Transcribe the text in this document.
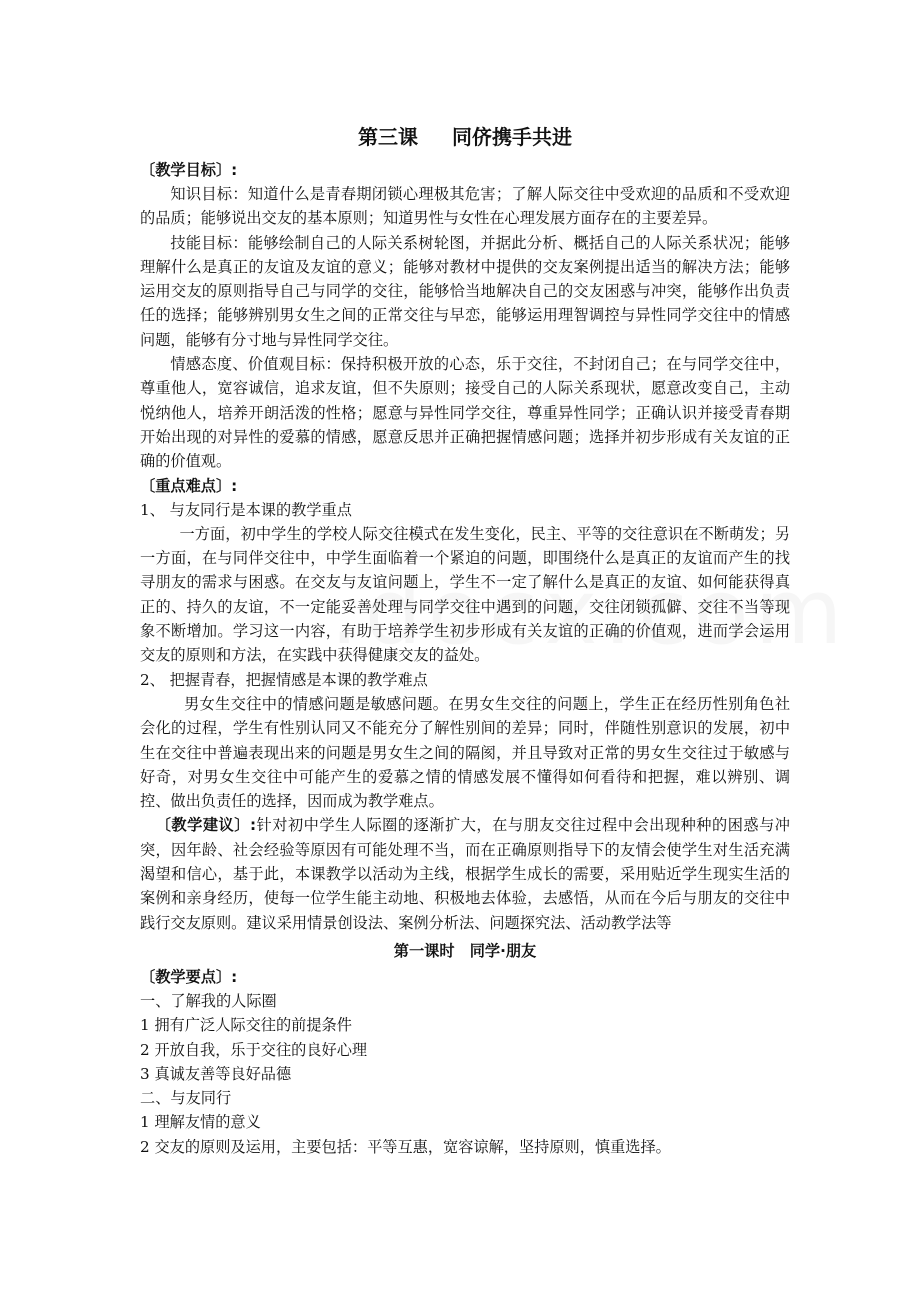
第三课 同侪携手共进
〔教学目标〕:

知识目标：知道什么是青春期闭锁心理极其危害；了解人际交往中受欢迎的品质和不受欢迎的品质；能够说出交友的基本原则；知道男性与女性在心理发展方面存在的主要差异。

技能目标：能够绘制自己的人际关系树轮图，并据此分析、概括自己的人际关系状况；能够理解什么是真正的友谊及友谊的意义；能够对教材中提供的交友案例提出适当的解决方法；能够运用交友的原则指导自己与同学的交往，能够恰当地解决自己的交友困惑与冲突，能够作出负责任的选择；能够辨别男女生之间的正常交往与早恋，能够运用理智调控与异性同学交往中的情感问题，能够有分寸地与异性同学交往。

情感态度、价值观目标：保持积极开放的心态，乐于交往，不封闭自己；在与同学交往中，尊重他人，宽容诚信，追求友谊，但不失原则；接受自己的人际关系现状，愿意改变自己，主动悦纳他人，培养开朗活泼的性格；愿意与异性同学交往，尊重异性同学；正确认识并接受青春期开始出现的对异性的爱慕的情感，愿意反思并正确把握情感问题；选择并初步形成有关友谊的正确的价值观。

〔重点难点〕:
1、 与友同行是本课的教学重点

一方面，初中学生的学校人际交往模式在发生变化，民主、平等的交往意识在不断萌发；另一方面，在与同伴交往中，中学生面临着一个紧迫的问题，即围绕什么是真正的友谊而产生的找寻朋友的需求与困惑。在交友与友谊问题上，学生不一定了解什么是真正的友谊、如何能获得真正的、持久的友谊，不一定能妥善处理与同学交往中遇到的问题，交往闭锁孤僻、交往不当等现象不断增加。学习这一内容，有助于培养学生初步形成有关友谊的正确的价值观，进而学会运用交友的原则和方法，在实践中获得健康交友的益处。

2、 把握青春，把握情感是本课的教学难点

男女生交往中的情感问题是敏感问题。在男女生交往的问题上，学生正在经历性别角色社会化的过程，学生有性别认同又不能充分了解性别间的差异；同时，伴随性别意识的发展，初中生在交往中普遍表现出来的问题是男女生之间的隔阂，并且导致对正常的男女生交往过于敏感与好奇，对男女生交往中可能产生的爱慕之情的情感发展不懂得如何看待和把握，难以辨别、调控、做出负责任的选择，因而成为教学难点。

 〔教学建议〕:针对初中学生人际圈的逐渐扩大，在与朋友交往过程中会出现种种的困惑与冲突，因年龄、社会经验等原因有可能处理不当，而在正确原则指导下的友情会使学生对生活充满渴望和信心，基于此，本课教学以活动为主线，根据学生成长的需要，采用贴近学生现实生活的案例和亲身经历，使每一位学生能主动地、积极地去体验，去感悟，从而在今后与朋友的交往中践行交友原则。建议采用情景创设法、案例分析法、问题探究法、活动教学法等

第一课时　同学·朋友
〔教学要点〕:
一、了解我的人际圈
1 拥有广泛人际交往的前提条件
2 开放自我，乐于交往的良好心理
3 真诚友善等良好品德
二、与友同行
1 理解友情的意义
2 交友的原则及运用，主要包括：平等互惠，宽容谅解，坚持原则，慎重选择。
